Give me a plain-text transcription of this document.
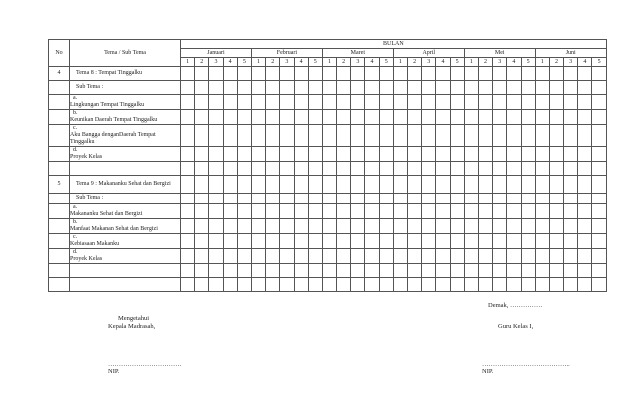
No	Tema / Sub Tema	BULAN																													
		Januari					Februari					Maret					April					Mei					Juni				
		1	2	3	4	5	1	2	3	4	5	1	2	3	4	5	1	2	3	4	5	1	2	3	4	5	1	2	3	4	5
4	Tema 8 : Tempat Tinggalku																														
	Sub Tema :																														
	a.Lingkungan Tempat Tinggalku																														
	b.Keunikan Daerah Tempat Tinggalku																														
	c.Aku Bangga denganDaerah Tempat Tinggalku																														
	d.Proyek Kelas																														

5	Tema 9 : Makananku Sehat dan Bergizi																														
	Sub Tema :																														
	a.Makananku Sehat dan Bergizi																														
	b.Manfaat Makanan Sehat dan Bergizi																														
	c.Kebiasaan Makanku																														
	d.Proyek Kelas																														

Demak, ……………
Mengetahui
Kepala Madrasah,	Guru Kelas I,
…………………………….	…………………………………..
NIP.	NIP.
